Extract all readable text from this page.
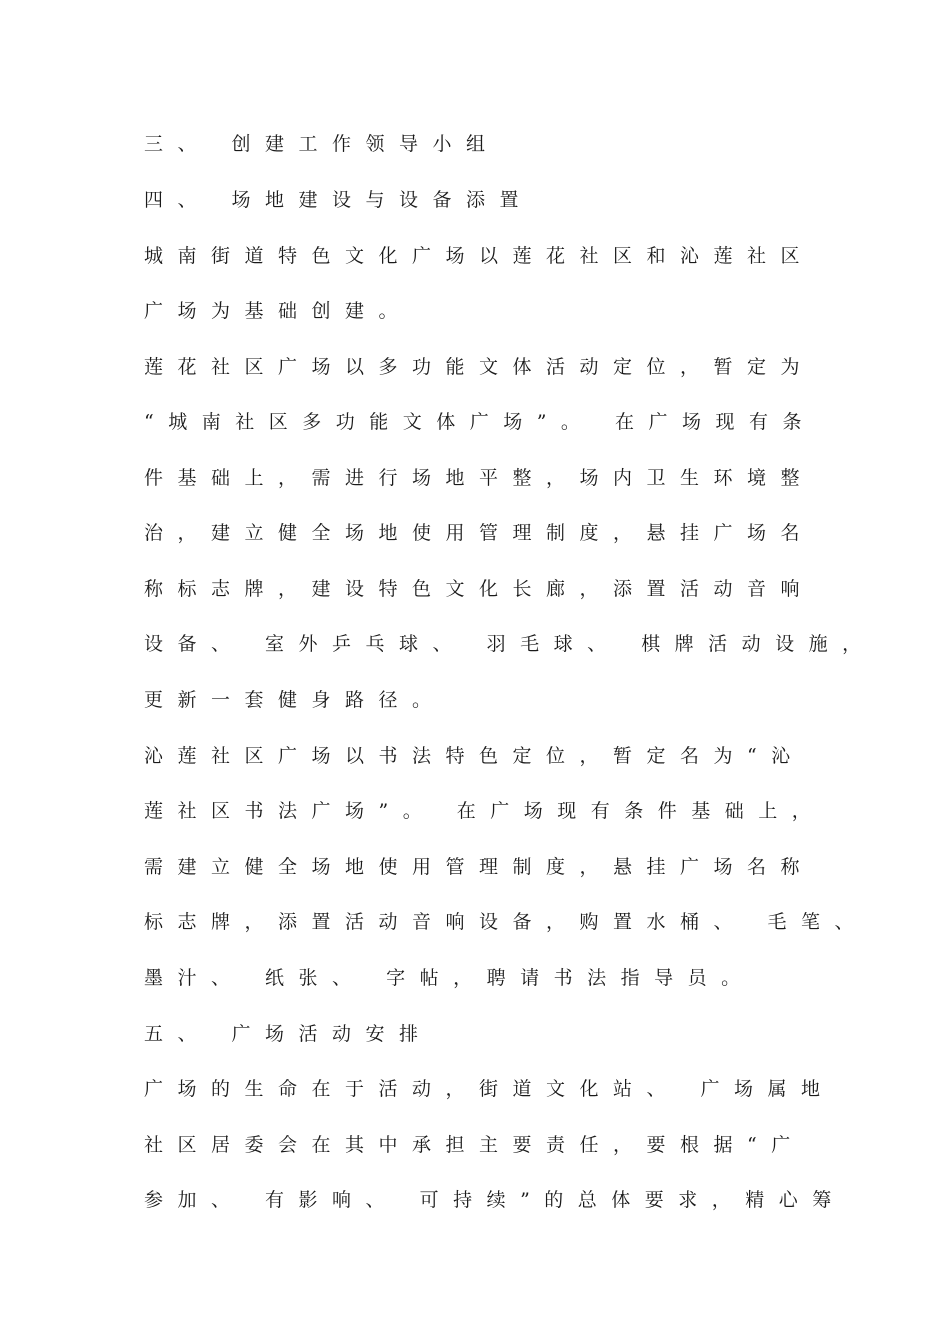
三、 创建工作领导小组
四、 场地建设与设备添置
城南街道特色文化广场以莲花社区和沁莲社区
广场为基础创建。
莲花社区广场以多功能文体活动定位，暂定为
“城南社区多功能文体广场”。 在广场现有条
件基础上，需进行场地平整，场内卫生环境整
治，建立健全场地使用管理制度，悬挂广场名
称标志牌，建设特色文化长廊，添置活动音响
设备、 室外乒乓球、 羽毛球、 棋牌活动设施，
更新一套健身路径。
沁莲社区广场以书法特色定位，暂定名为“沁
莲社区书法广场”。 在广场现有条件基础上，
需建立健全场地使用管理制度，悬挂广场名称
标志牌，添置活动音响设备，购置水桶、 毛笔、
墨汁、 纸张、 字帖，聘请书法指导员。
五、 广场活动安排
广场的生命在于活动，街道文化站、 广场属地
社区居委会在其中承担主要责任，要根据“广
参加、 有影响、 可持续”的总体要求，精心筹
